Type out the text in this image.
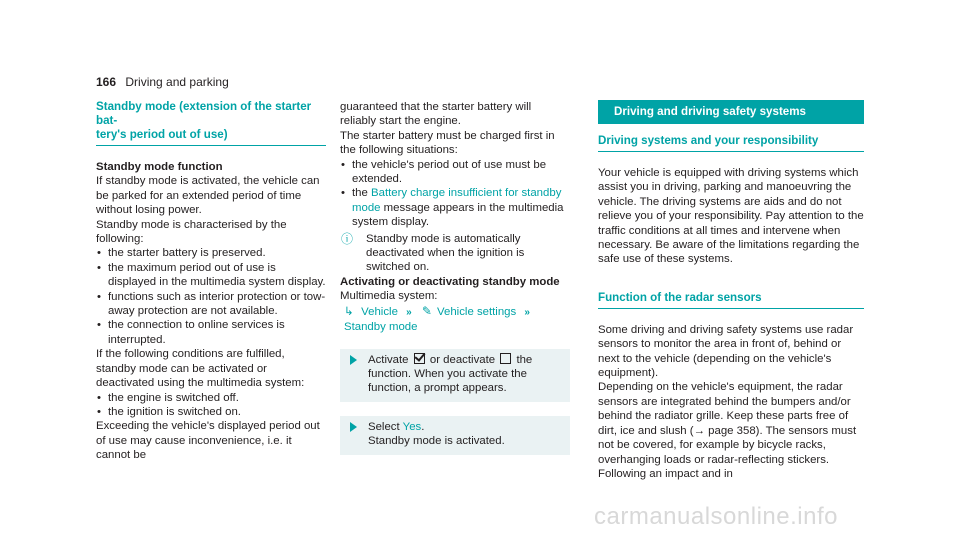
166 Driving and parking
Standby mode (extension of the starter bat-
tery's period out of use)

Standby mode function

If standby mode is activated, the vehicle can be parked for an extended period of time without losing power.

Standby mode is characterised by the following:

• the starter battery is preserved.
• the maximum period out of use is displayed in the multimedia system display.
• functions such as interior protection or tow-away protection are not available.
• the connection to online services is interrupted.

If the following conditions are fulfilled, standby mode can be activated or deactivated using the multimedia system:

• the engine is switched off.
• the ignition is switched on.

Exceeding the vehicle's displayed period out of use may cause inconvenience, i.e. it cannot be

guaranteed that the starter battery will reliably start the engine.

The starter battery must be charged first in the following situations:

• the vehicle's period out of use must be extended.
• the Battery charge insufficient for standby mode message appears in the multimedia system display.
ⓘ Standby mode is automatically deactivated when the ignition is switched on.

Activating or deactivating standby mode

Multimedia system:

↳ Vehicle » ✎ Vehicle settings » Standby mode
Activate or deactivate the function. When you activate the function, a prompt appears.
Select Yes.
Standby mode is activated.
Driving and driving safety systems
Driving systems and your responsibility

Your vehicle is equipped with driving systems which assist you in driving, parking and manoeuvring the vehicle. The driving systems are aids and do not relieve you of your responsibility. Pay attention to the traffic conditions at all times and intervene when necessary. Be aware of the limitations regarding the safe use of these systems.

Function of the radar sensors

Some driving and driving safety systems use radar sensors to monitor the area in front of, behind or next to the vehicle (depending on the vehicle's equipment).

Depending on the vehicle's equipment, the radar sensors are integrated behind the bumpers and/or behind the radiator grille. Keep these parts free of dirt, ice and slush (→ page 358). The sensors must not be covered, for example by bicycle racks, overhanging loads or radar-reflecting stickers. Following an impact and in

carmanualsonline.info
